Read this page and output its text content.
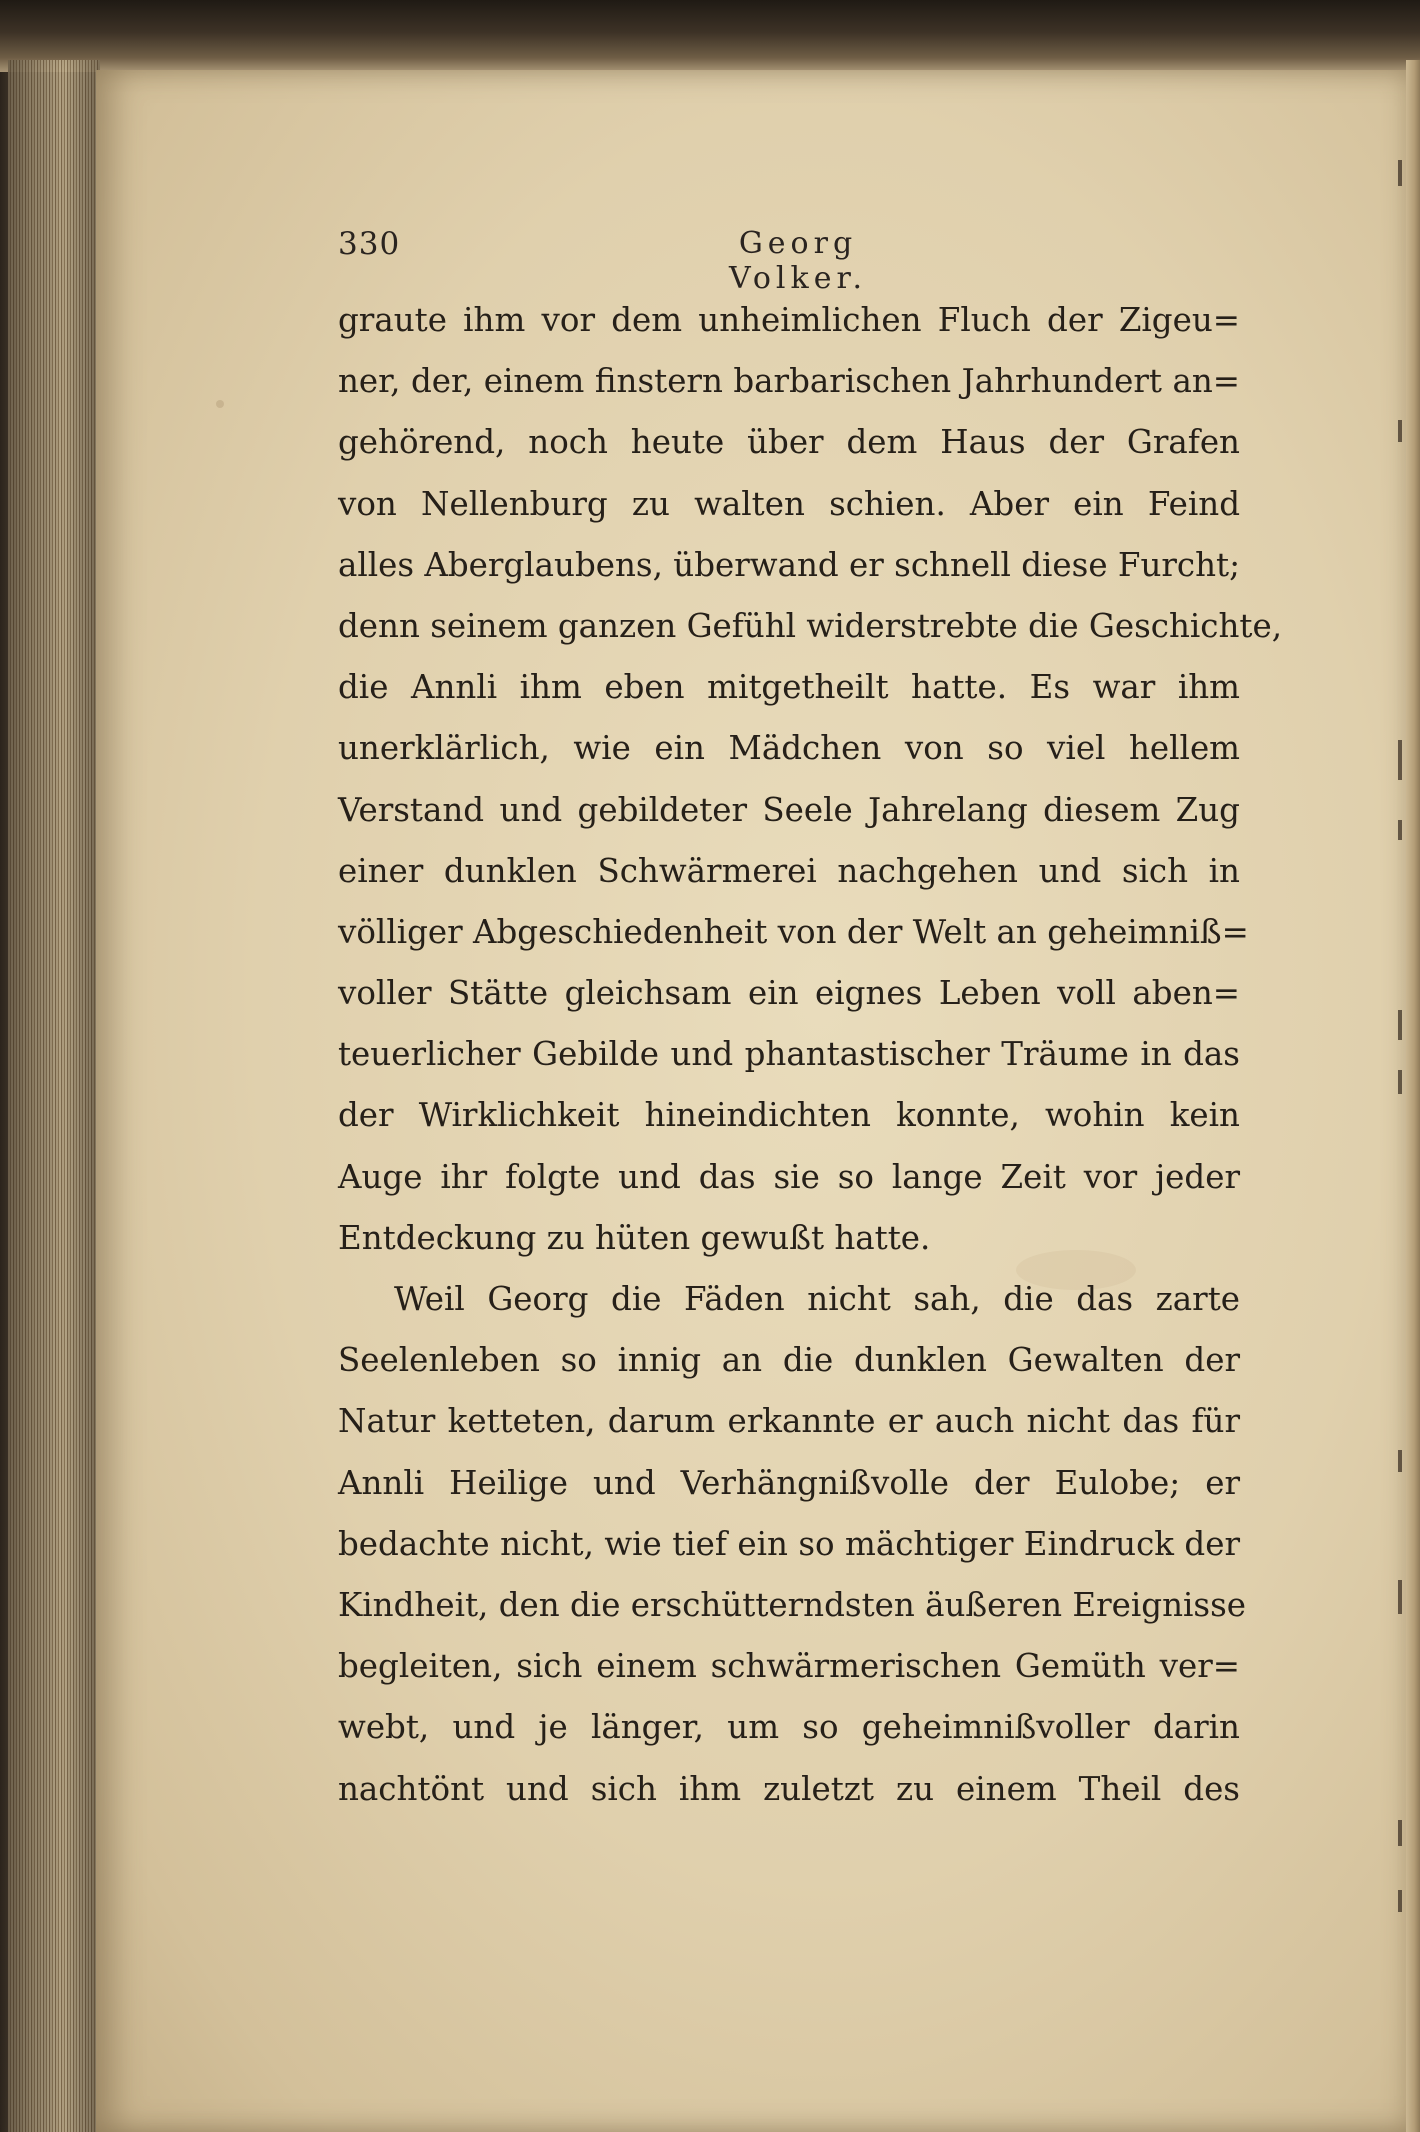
330	Georg Volker.
graute ihm vor dem unheimlichen Fluch der Zigeu=
ner, der, einem finstern barbarischen Jahrhundert an=
gehörend, noch heute über dem Haus der Grafen
von Nellenburg zu walten schien. Aber ein Feind
alles Aberglaubens, überwand er schnell diese Furcht;
denn seinem ganzen Gefühl widerstrebte die Geschichte,
die Annli ihm eben mitgetheilt hatte. Es war ihm
unerklärlich, wie ein Mädchen von so viel hellem
Verstand und gebildeter Seele Jahrelang diesem Zug
einer dunklen Schwärmerei nachgehen und sich in
völliger Abgeschiedenheit von der Welt an geheimniß=
voller Stätte gleichsam ein eignes Leben voll aben=
teuerlicher Gebilde und phantastischer Träume in das
der Wirklichkeit hineindichten konnte, wohin kein
Auge ihr folgte und das sie so lange Zeit vor jeder
Entdeckung zu hüten gewußt hatte.
Weil Georg die Fäden nicht sah, die das zarte
Seelenleben so innig an die dunklen Gewalten der
Natur ketteten, darum erkannte er auch nicht das für
Annli Heilige und Verhängnißvolle der Eulobe; er
bedachte nicht, wie tief ein so mächtiger Eindruck der
Kindheit, den die erschütterndsten äußeren Ereignisse
begleiten, sich einem schwärmerischen Gemüth ver=
webt, und je länger, um so geheimnißvoller darin
nachtönt und sich ihm zuletzt zu einem Theil des
